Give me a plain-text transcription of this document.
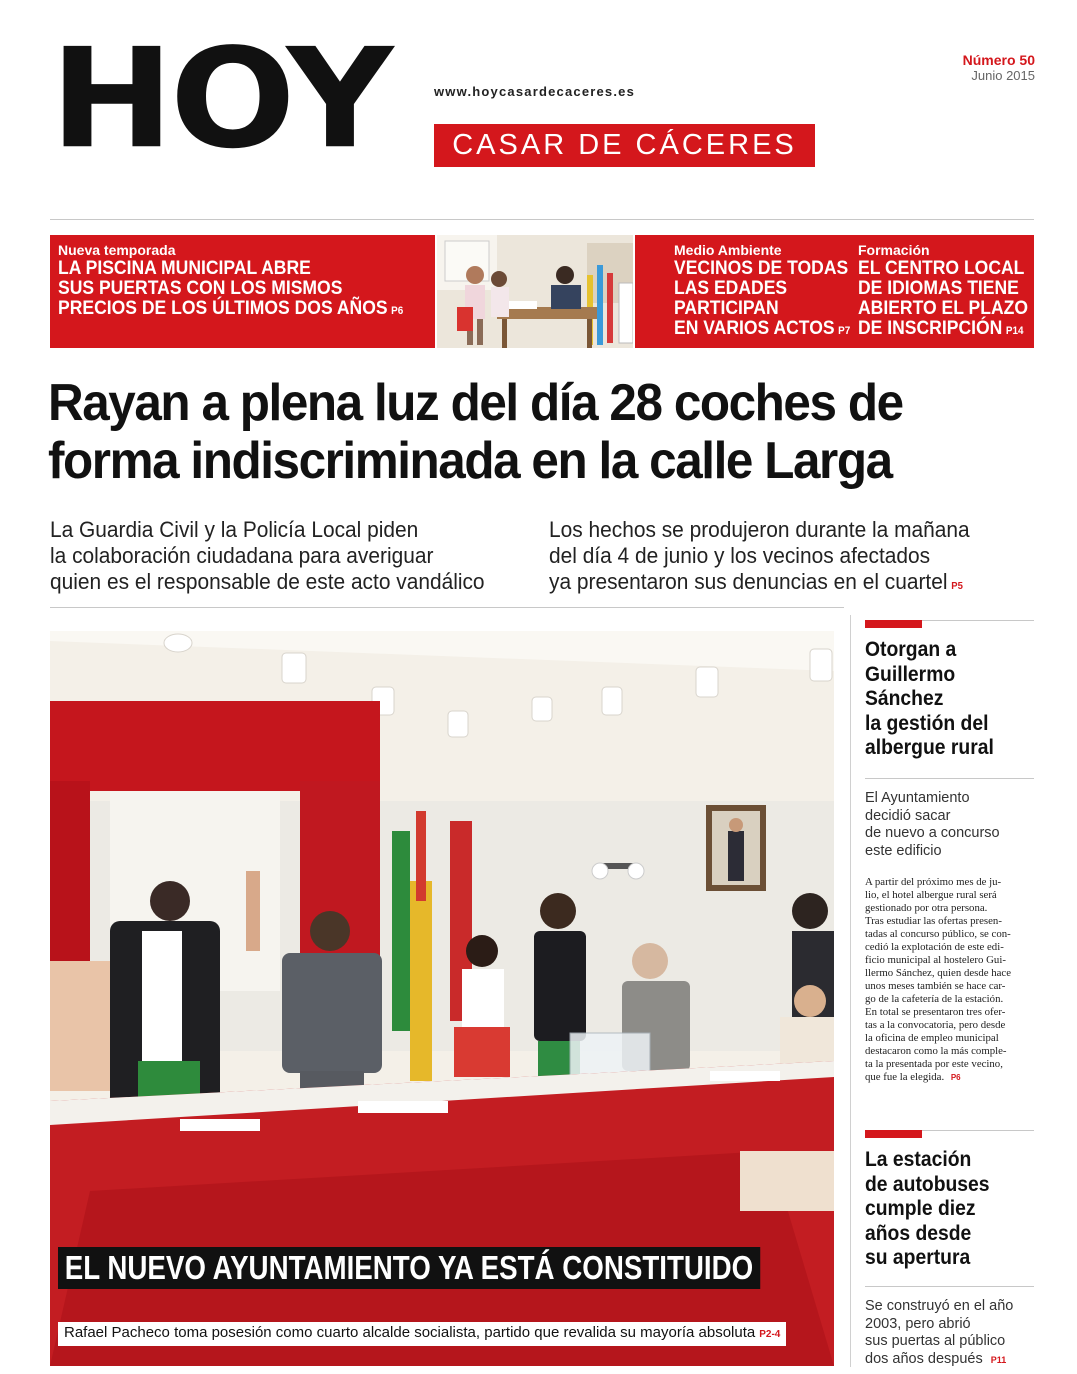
HOY	www.hoycasardecaceres.es
CASAR DE CÁCERES
Número 50
Junio 2015
Nueva temporada
LA PISCINA MUNICIPAL ABRE
SUS PUERTAS CON LOS MISMOS
PRECIOS DE LOS ÚLTIMOS DOS AÑOS P6
Medio Ambiente
VECINOS DE TODAS
LAS EDADES
PARTICIPAN
EN VARIOS ACTOS P7
Formación
EL CENTRO LOCAL
DE IDIOMAS TIENE
ABIERTO EL PLAZO
DE INSCRIPCIÓN P14
Rayan a plena luz del día 28 coches de
forma indiscriminada en la calle Larga
La Guardia Civil y la Policía Local piden
la colaboración ciudadana para averiguar
quien es el responsable de este acto vandálico
Los hechos se produjeron durante la mañana
del día 4 de junio y los vecinos afectados
ya presentaron sus denuncias en el cuartel P5
EL NUEVO AYUNTAMIENTO YA ESTÁ CONSTITUIDO
Rafael Pacheco toma posesión como cuarto alcalde socialista, partido que revalida su mayoría absoluta P2-4
Otorgan a
Guillermo
Sánchez
la gestión del
albergue rural
El Ayuntamiento
decidió sacar
de nuevo a concurso
este edificio

A partir del próximo mes de ju-

lio, el hotel albergue rural será

gestionado por otra persona.

Tras estudiar las ofertas presen-

tadas al concurso público, se con-

cedió la explotación de este edi-

ficio municipal al hostelero Gui-

llermo Sánchez, quien desde hace

unos meses también se hace car-

go de la cafetería de la estación.

En total se presentaron tres ofer-

tas a la convocatoria, pero desde

la oficina de empleo municipal

destacaron como la más comple-

ta la presentada por este vecino,

que fue la elegida. P6

La estación
de autobuses
cumple diez
años desde
su apertura
Se construyó en el año
2003, pero abrió
sus puertas al público
dos años después P11
